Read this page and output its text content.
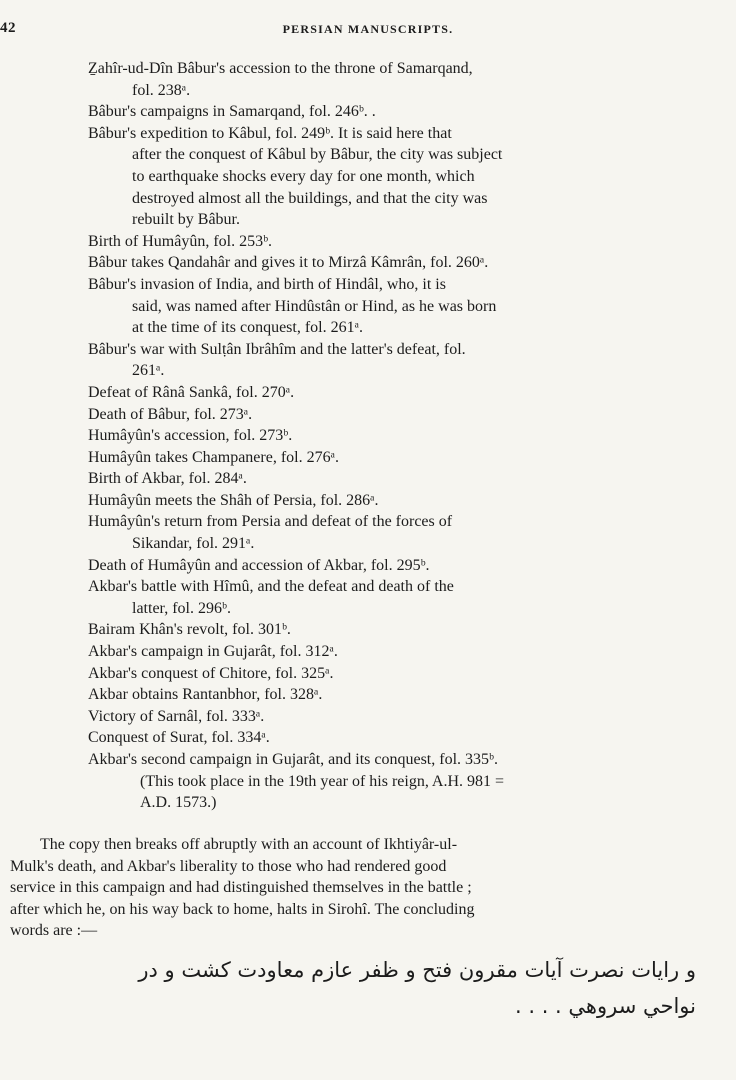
42	PERSIAN MANUSCRIPTS.
Ẕahîr-ud-Dîn Bâbur's accession to the throne of Samarqand,
fol. 238ᵃ.
Bâbur's campaigns in Samarqand, fol. 246ᵇ. .
Bâbur's expedition to Kâbul, fol. 249ᵇ. It is said here that
after the conquest of Kâbul by Bâbur, the city was subject
to earthquake shocks every day for one month, which
destroyed almost all the buildings, and that the city was
rebuilt by Bâbur.
Birth of Humâyûn, fol. 253ᵇ.
Bâbur takes Qandahâr and gives it to Mirzâ Kâmrân, fol. 260ᵃ.
Bâbur's invasion of India, and birth of Hindâl, who, it is
said, was named after Hindûstân or Hind, as he was born
at the time of its conquest, fol. 261ᵃ.
Bâbur's war with Sulṭân Ibrâhîm and the latter's defeat, fol.
261ᵃ.
Defeat of Rânâ Sankâ, fol. 270ᵃ.
Death of Bâbur, fol. 273ᵃ.
Humâyûn's accession, fol. 273ᵇ.
Humâyûn takes Champanere, fol. 276ᵃ.
Birth of Akbar, fol. 284ᵃ.
Humâyûn meets the Shâh of Persia, fol. 286ᵃ.
Humâyûn's return from Persia and defeat of the forces of
Sikandar, fol. 291ᵃ.
Death of Humâyûn and accession of Akbar, fol. 295ᵇ.
Akbar's battle with Hîmû, and the defeat and death of the
latter, fol. 296ᵇ.
Bairam Khân's revolt, fol. 301ᵇ.
Akbar's campaign in Gujarât, fol. 312ᵃ.
Akbar's conquest of Chitore, fol. 325ᵃ.
Akbar obtains Rantanbhor, fol. 328ᵃ.
Victory of Sarnâl, fol. 333ᵃ.
Conquest of Surat, fol. 334ᵃ.
Akbar's second campaign in Gujarât, and its conquest, fol. 335ᵇ.
(This took place in the 19th year of his reign, A.H. 981 =
A.D. 1573.)
The copy then breaks off abruptly with an account of Ikhtiyâr-ul-
Mulk's death, and Akbar's liberality to those who had rendered good
service in this campaign and had distinguished themselves in the battle ;
after which he, on his way back to home, halts in Sirohî. The concluding
words are :—
و رايات نصرت آيات مقرون فتح و ظفر عازم معاودت كشت و در
نواحي سروهي . . . .
